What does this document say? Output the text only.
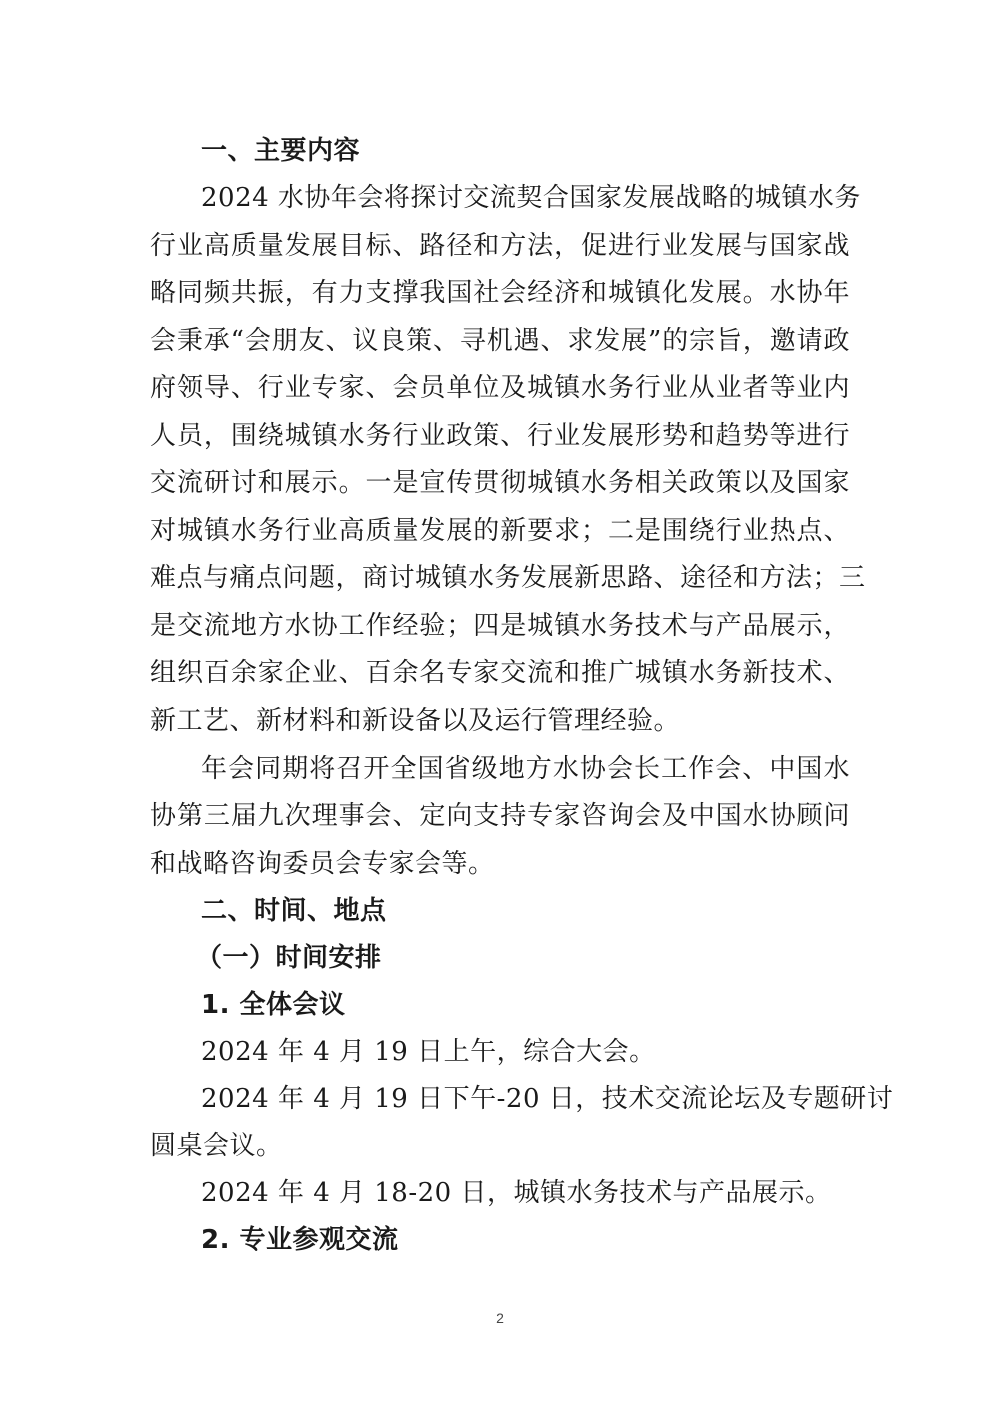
一、主要内容
2024 水协年会将探讨交流契合国家发展战略的城镇水务
行业高质量发展目标、路径和方法，促进行业发展与国家战
略同频共振，有力支撑我国社会经济和城镇化发展。水协年
会秉承“会朋友、议良策、寻机遇、求发展”的宗旨，邀请政
府领导、行业专家、会员单位及城镇水务行业从业者等业内
人员，围绕城镇水务行业政策、行业发展形势和趋势等进行
交流研讨和展示。一是宣传贯彻城镇水务相关政策以及国家
对城镇水务行业高质量发展的新要求；二是围绕行业热点、
难点与痛点问题，商讨城镇水务发展新思路、途径和方法；三
是交流地方水协工作经验；四是城镇水务技术与产品展示，
组织百余家企业、百余名专家交流和推广城镇水务新技术、
新工艺、新材料和新设备以及运行管理经验。
年会同期将召开全国省级地方水协会长工作会、中国水
协第三届九次理事会、定向支持专家咨询会及中国水协顾问
和战略咨询委员会专家会等。
二、时间、地点
（一）时间安排
1. 全体会议
2024 年 4 月 19 日上午，综合大会。
2024 年 4 月 19 日下午-20 日，技术交流论坛及专题研讨
圆桌会议。
2024 年 4 月 18-20 日，城镇水务技术与产品展示。
2. 专业参观交流
2
